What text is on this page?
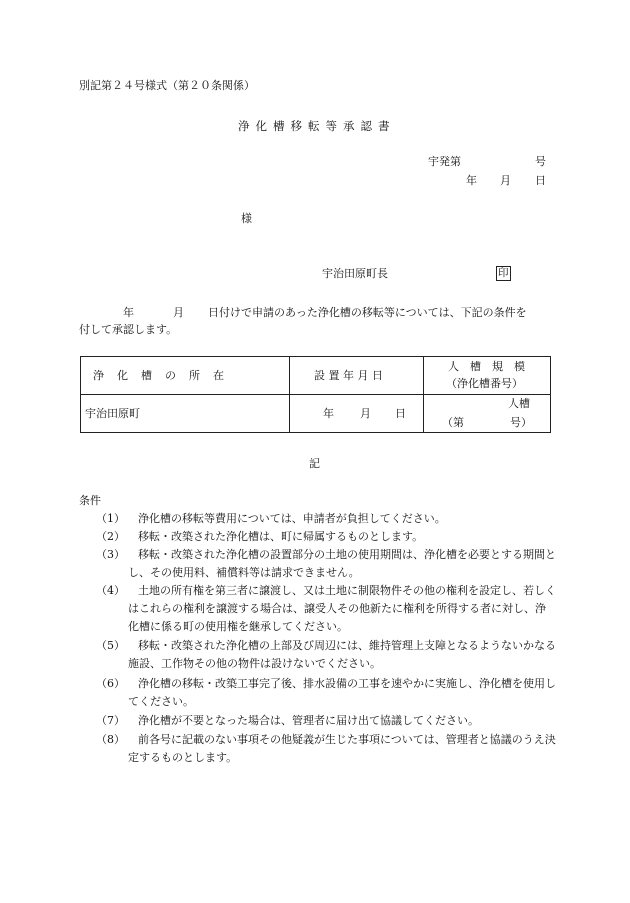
別記第２４号様式（第２０条関係）
浄化槽移転等承認書
宇発第	号
年 月 日
様
宇治田原町長	印
年	月 日付けで申請のあった浄化槽の移転等については、下記の条件を
付して承認します。
浄　化　槽　の　所　在	設 置 年 月 日	人　槽　規　模
（浄化槽番号）

宇治田原町	年 月 日	人槽
（第 号）
記
条件
（1）	浄化槽の移転等費用については、申請者が負担してください。
（2）	移転・改築された浄化槽は、町に帰属するものとします。
（3）	移転・改築された浄化槽の設置部分の土地の使用期間は、浄化槽を必要とする期間とし、その使用料、補償料等は請求できません。
（4）	土地の所有権を第三者に譲渡し、又は土地に制限物件その他の権利を設定し、若しくはこれらの権利を譲渡する場合は、譲受人その他新たに権利を所得する者に対し、浄化槽に係る町の使用権を継承してください。
（5）	移転・改築された浄化槽の上部及び周辺には、維持管理上支障となるようないかなる施設、工作物その他の物件は設けないでください。
（6）	浄化槽の移転・改築工事完了後、排水設備の工事を速やかに実施し、浄化槽を使用してください。
（7）	浄化槽が不要となった場合は、管理者に届け出て協議してください。
（8）	前各号に記載のない事項その他疑義が生じた事項については、管理者と協議のうえ決定するものとします。
